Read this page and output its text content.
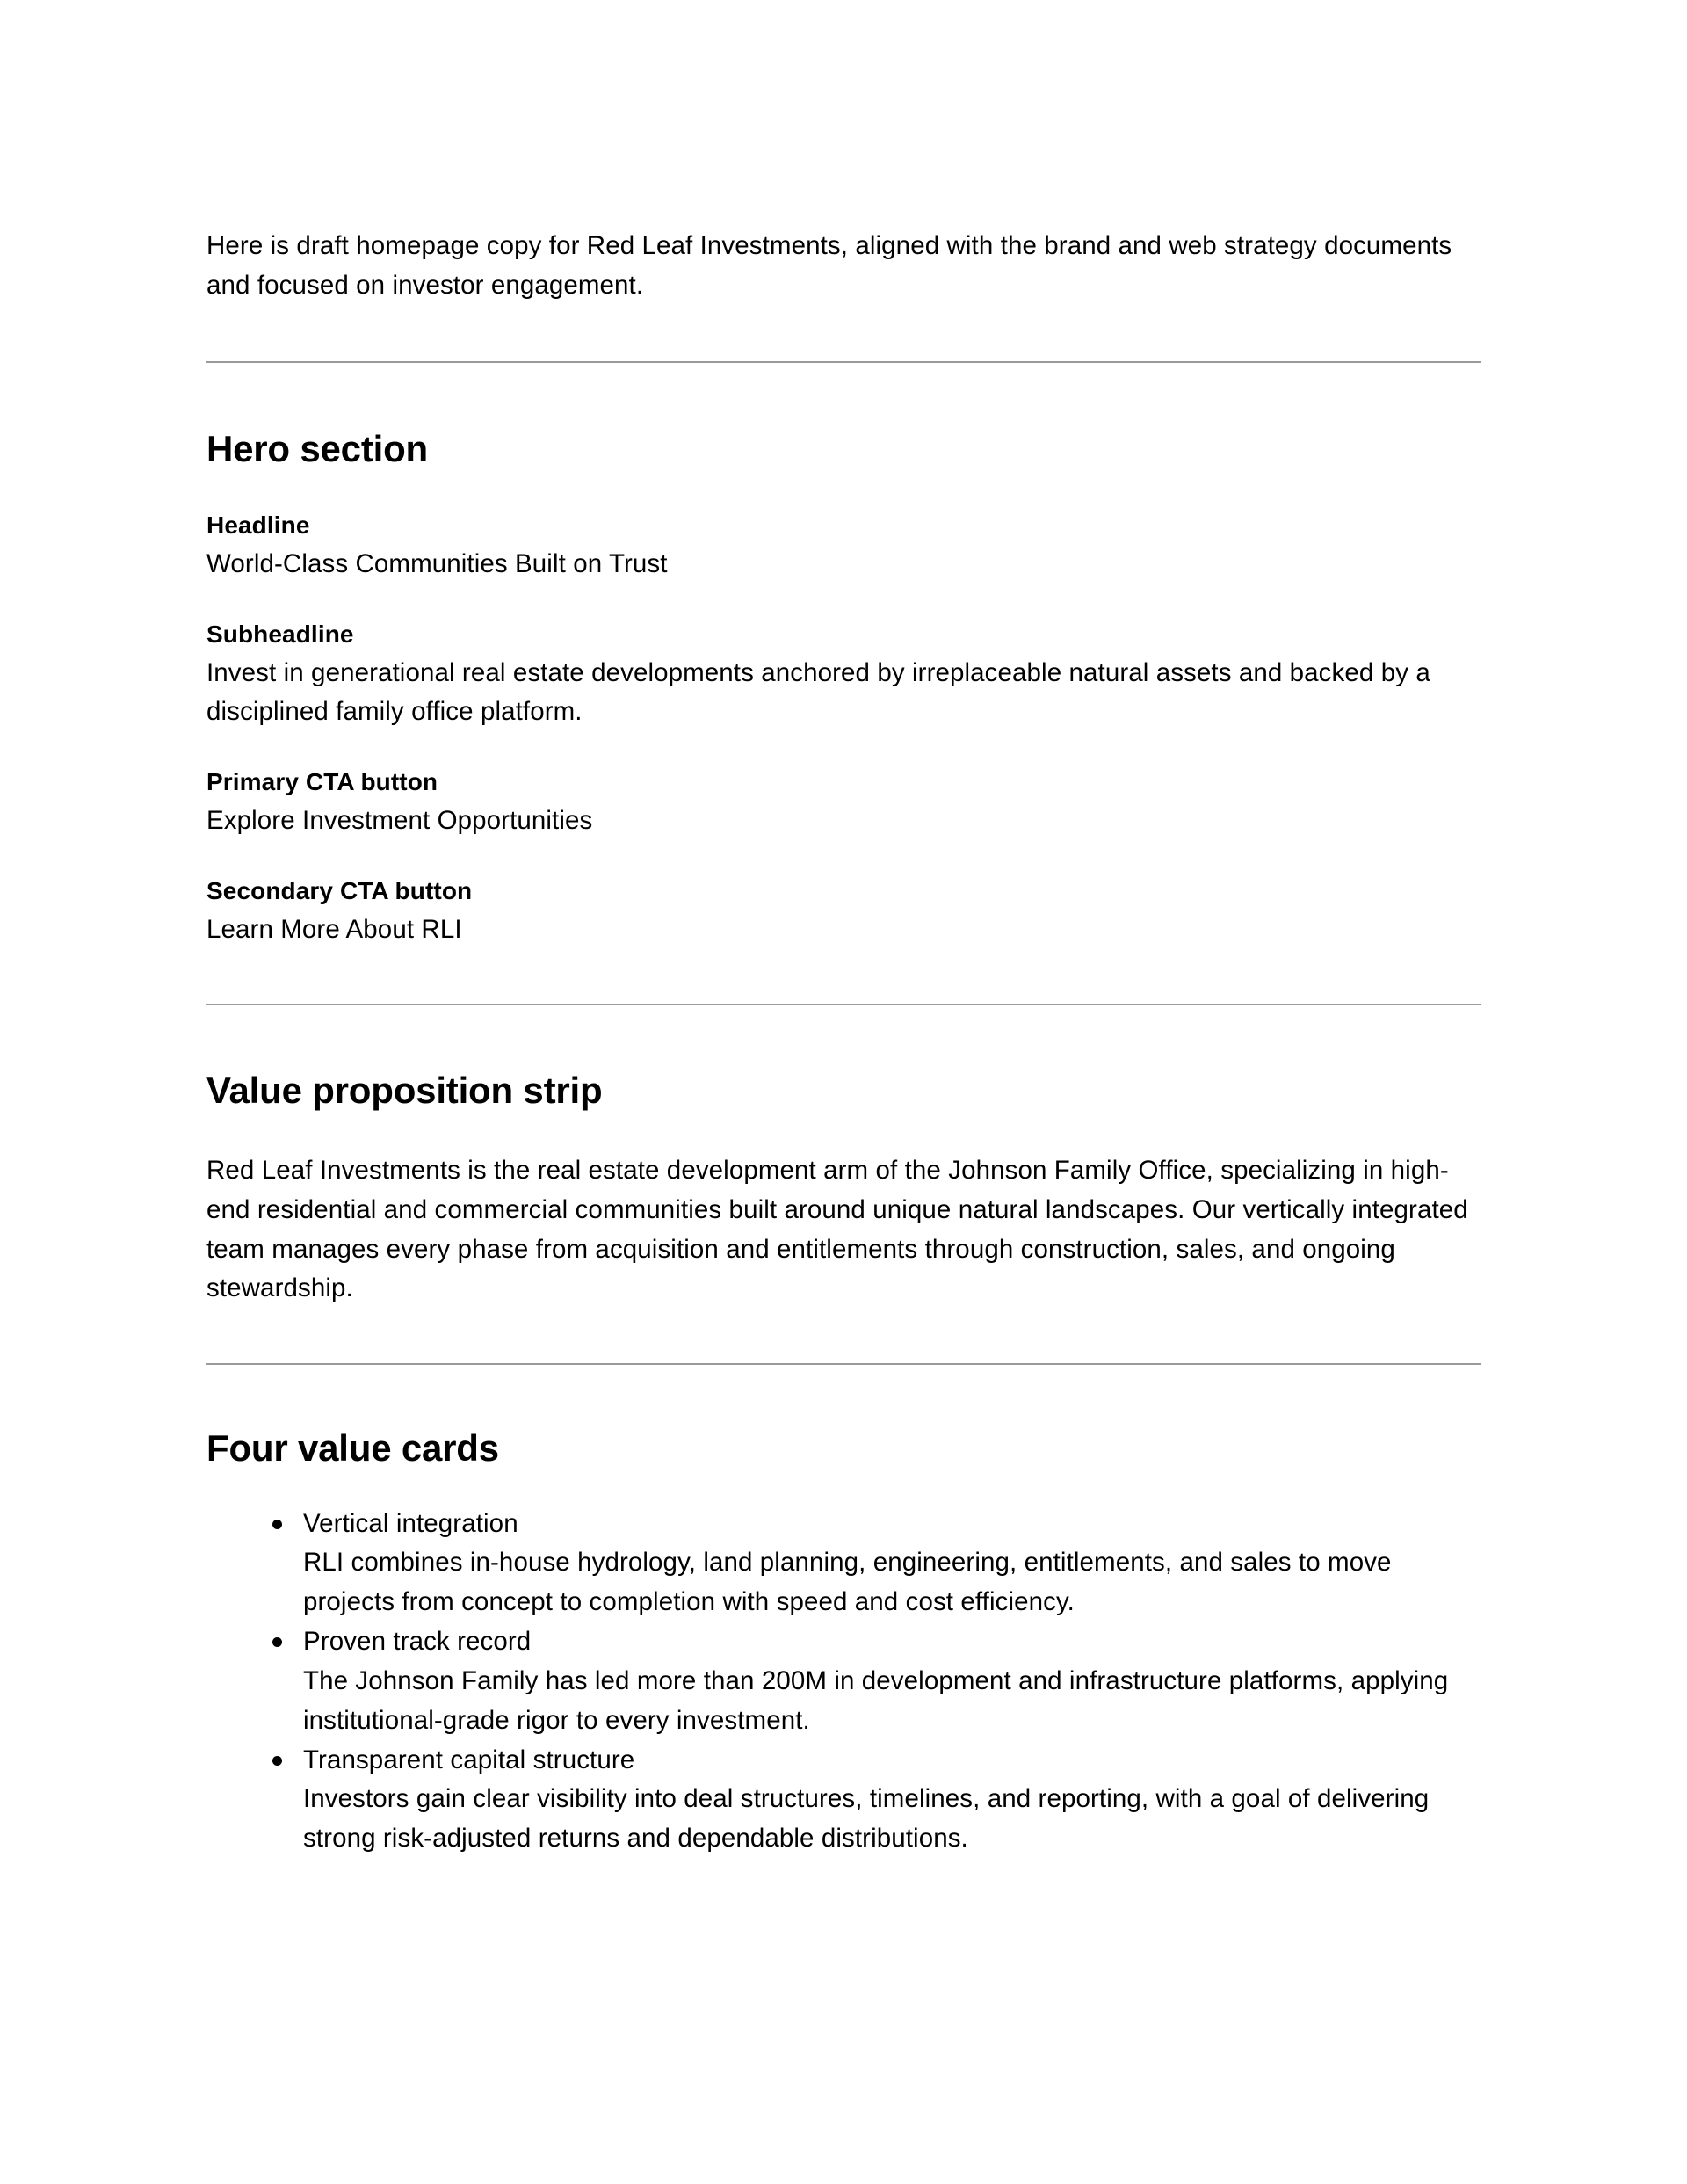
Here is draft homepage copy for Red Leaf Investments, aligned with the brand and web strategy documents and focused on investor engagement.

Hero section
Headline
World-Class Communities Built on Trust
Subheadline
Invest in generational real estate developments anchored by irreplaceable natural assets and backed by a disciplined family office platform.
Primary CTA button
Explore Investment Opportunities
Secondary CTA button
Learn More About RLI
Value proposition strip

Red Leaf Investments is the real estate development arm of the Johnson Family Office, specializing in high-end residential and commercial communities built around unique natural landscapes. Our vertically integrated team manages every phase from acquisition and entitlements through construction, sales, and ongoing stewardship.

Four value cards
Vertical integration
RLI combines in-house hydrology, land planning, engineering, entitlements, and sales to move projects from concept to completion with speed and cost efficiency.
Proven track record
The Johnson Family has led more than 200M in development and infrastructure platforms, applying institutional-grade rigor to every investment.
Transparent capital structure
Investors gain clear visibility into deal structures, timelines, and reporting, with a goal of delivering strong risk-adjusted returns and dependable distributions.
